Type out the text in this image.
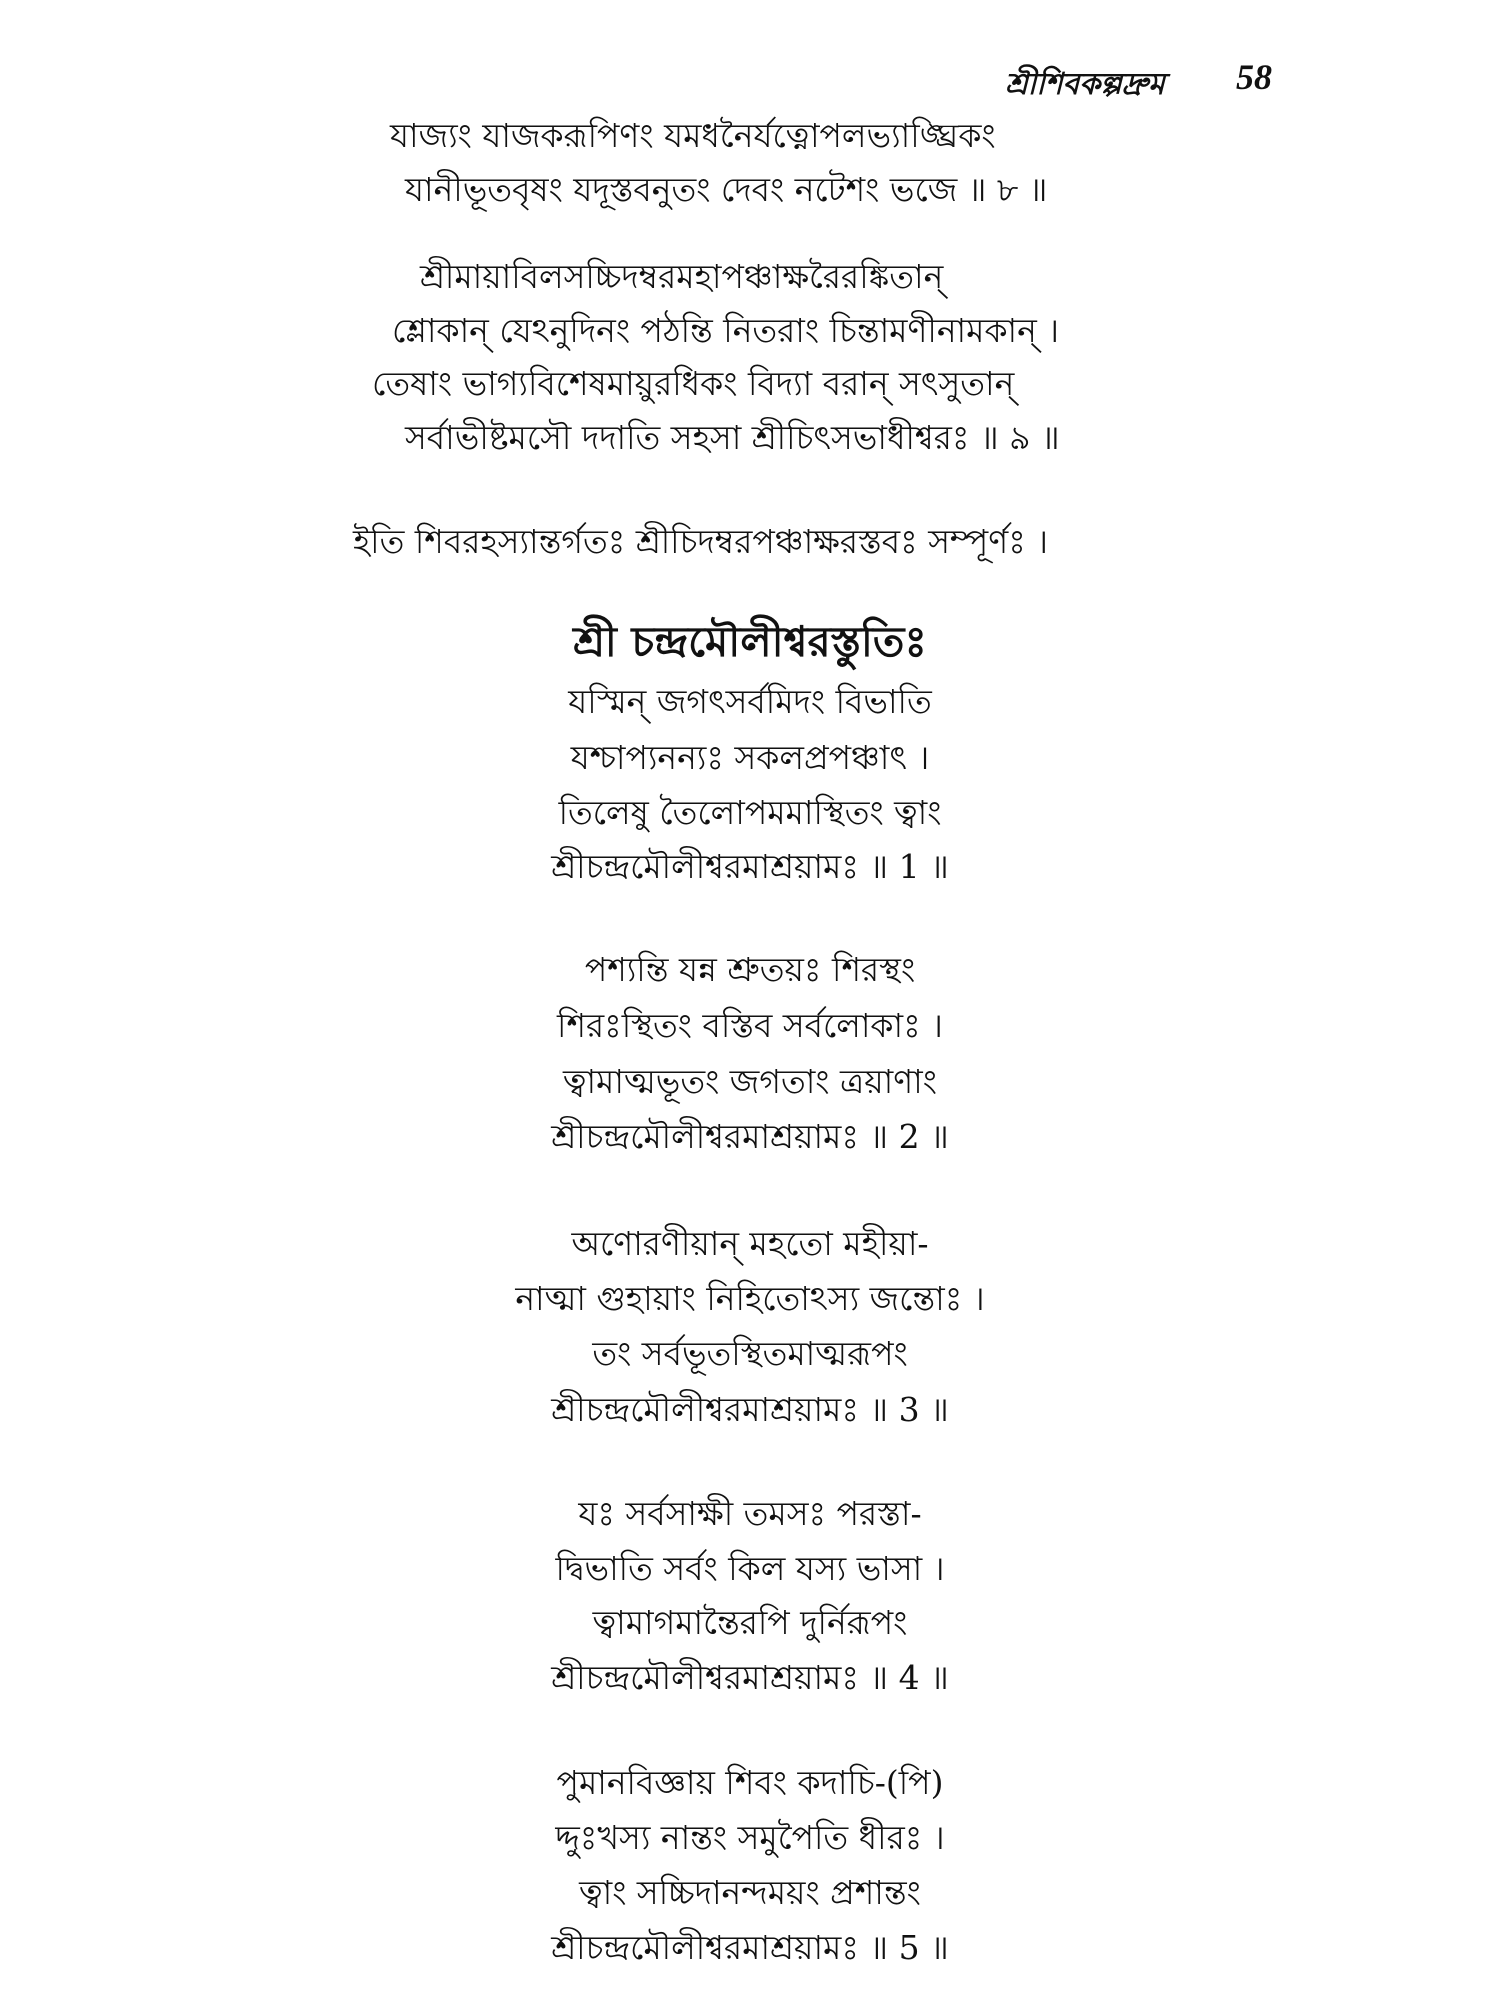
শ্রীশিবকল্পদ্রুম 58
যাজ্যং যাজকরূপিণং যমধনৈর্যত্নোপলভ্যাঙ্ঘ্রিকং
যানীভূতবৃষং যদূস্তবনুতং দেবং নটেশং ভজে ॥ ৮ ॥
শ্রীমায়াবিলসচ্চিদম্বরমহাপঞ্চাক্ষরৈরঙ্কিতান্
শ্লোকান্ যেঽনুদিনং পঠন্তি নিতরাং চিন্তামণীনামকান্ ।
তেষাং ভাগ্যবিশেষমায়ুরধিকং বিদ্যা বরান্ সৎসুতান্
সর্বাভীষ্টমসৌ দদাতি সহসা শ্রীচিৎসভাধীশ্বরঃ ॥ ৯ ॥
ইতি শিবরহস্যান্তর্গতঃ শ্রীচিদম্বরপঞ্চাক্ষরস্তবঃ সম্পূর্ণঃ ।
শ্রী চন্দ্রমৌলীশ্বরস্তুতিঃ
যস্মিন্ জগৎসর্বমিদং বিভাতি
যশ্চাপ্যনন্যঃ সকলপ্রপঞ্চাৎ ।
তিলেষু তৈলোপমমাস্থিতং ত্বাং
শ্রীচন্দ্রমৌলীশ্বরমাশ্রয়ামঃ ॥ 1 ॥
পশ্যন্তি যন্ন শ্রুতয়ঃ শিরস্থং
শিরঃস্থিতং বস্তিব সর্বলোকাঃ ।
ত্বামাত্মভূতং জগতাং ত্রয়াণাং
শ্রীচন্দ্রমৌলীশ্বরমাশ্রয়ামঃ ॥ 2 ॥
অণোরণীয়ান্ মহতো মহীয়া-
নাত্মা গুহায়াং নিহিতোঽস্য জন্তোঃ ।
তং সর্বভূতস্থিতমাত্মরূপং
শ্রীচন্দ্রমৌলীশ্বরমাশ্রয়ামঃ ॥ 3 ॥
যঃ সর্বসাক্ষী তমসঃ পরস্তা-
দ্বিভাতি সর্বং কিল যস্য ভাসা ।
ত্বামাগমান্তৈরপি দুর্নিরূপং
শ্রীচন্দ্রমৌলীশ্বরমাশ্রয়ামঃ ॥ 4 ॥
পুমানবিজ্ঞায় শিবং কদাচি-(পি)
দ্দুঃখস্য নান্তং সমুপৈতি ধীরঃ ।
ত্বাং সচ্চিদানন্দময়ং প্রশান্তং
শ্রীচন্দ্রমৌলীশ্বরমাশ্রয়ামঃ ॥ 5 ॥
